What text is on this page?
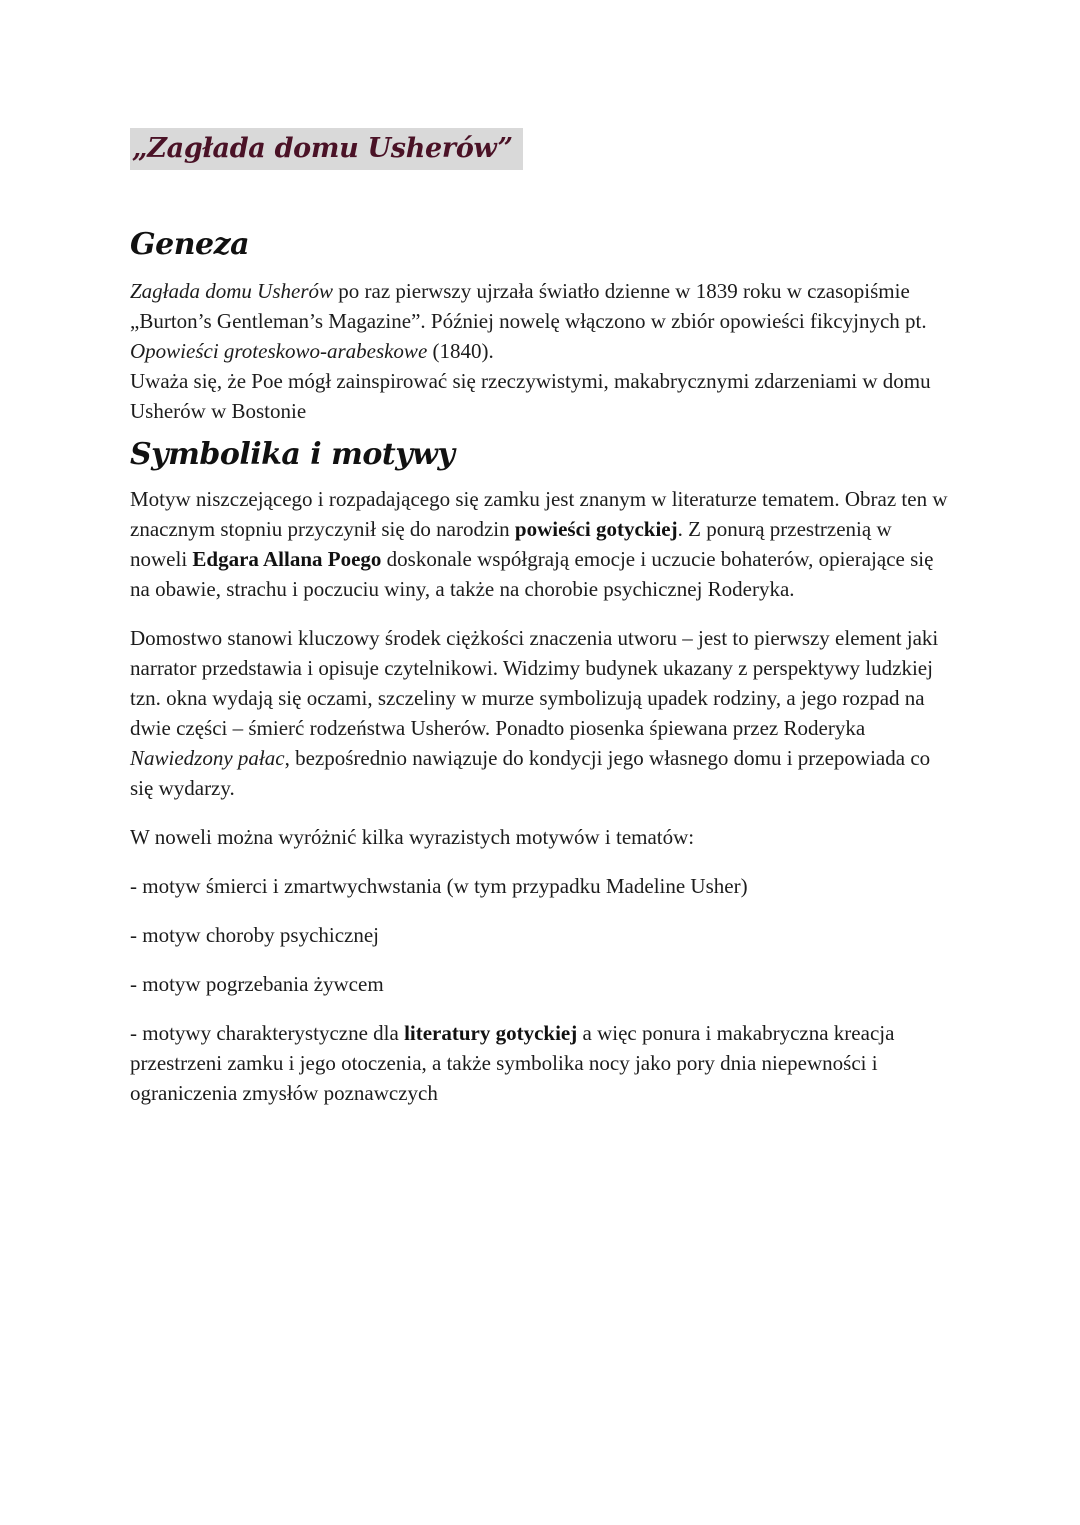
„Zagłada domu Usherów”
Geneza

Zagłada domu Usherów po raz pierwszy ujrzała światło dzienne w 1839 roku w czasopiśmie „Burton’s Gentleman’s Magazine”. Później nowelę włączono w zbiór opowieści fikcyjnych pt. Opowieści groteskowo-arabeskowe (1840).

Uważa się, że Poe mógł zainspirować się rzeczywistymi, makabrycznymi zdarzeniami w domu Usherów w Bostonie

Symbolika i motywy

Motyw niszczejącego i rozpadającego się zamku jest znanym w literaturze tematem. Obraz ten w znacznym stopniu przyczynił się do narodzin powieści gotyckiej. Z ponurą przestrzenią w noweli Edgara Allana Poego doskonale współgrają emocje i uczucie bohaterów, opierające się na obawie, strachu i poczuciu winy, a także na chorobie psychicznej Roderyka.

Domostwo stanowi kluczowy środek ciężkości znaczenia utworu – jest to pierwszy element jaki narrator przedstawia i opisuje czytelnikowi. Widzimy budynek ukazany z perspektywy ludzkiej tzn. okna wydają się oczami, szczeliny w murze symbolizują upadek rodziny, a jego rozpad na dwie części – śmierć rodzeństwa Usherów. Ponadto piosenka śpiewana przez Roderyka Nawiedzony pałac, bezpośrednio nawiązuje do kondycji jego własnego domu i przepowiada co się wydarzy.

W noweli można wyróżnić kilka wyrazistych motywów i tematów:

- motyw śmierci i zmartwychwstania (w tym przypadku Madeline Usher)

- motyw choroby psychicznej

- motyw pogrzebania żywcem

- motywy charakterystyczne dla literatury gotyckiej a więc ponura i makabryczna kreacja przestrzeni zamku i jego otoczenia, a także symbolika nocy jako pory dnia niepewności i ograniczenia zmysłów poznawczych
